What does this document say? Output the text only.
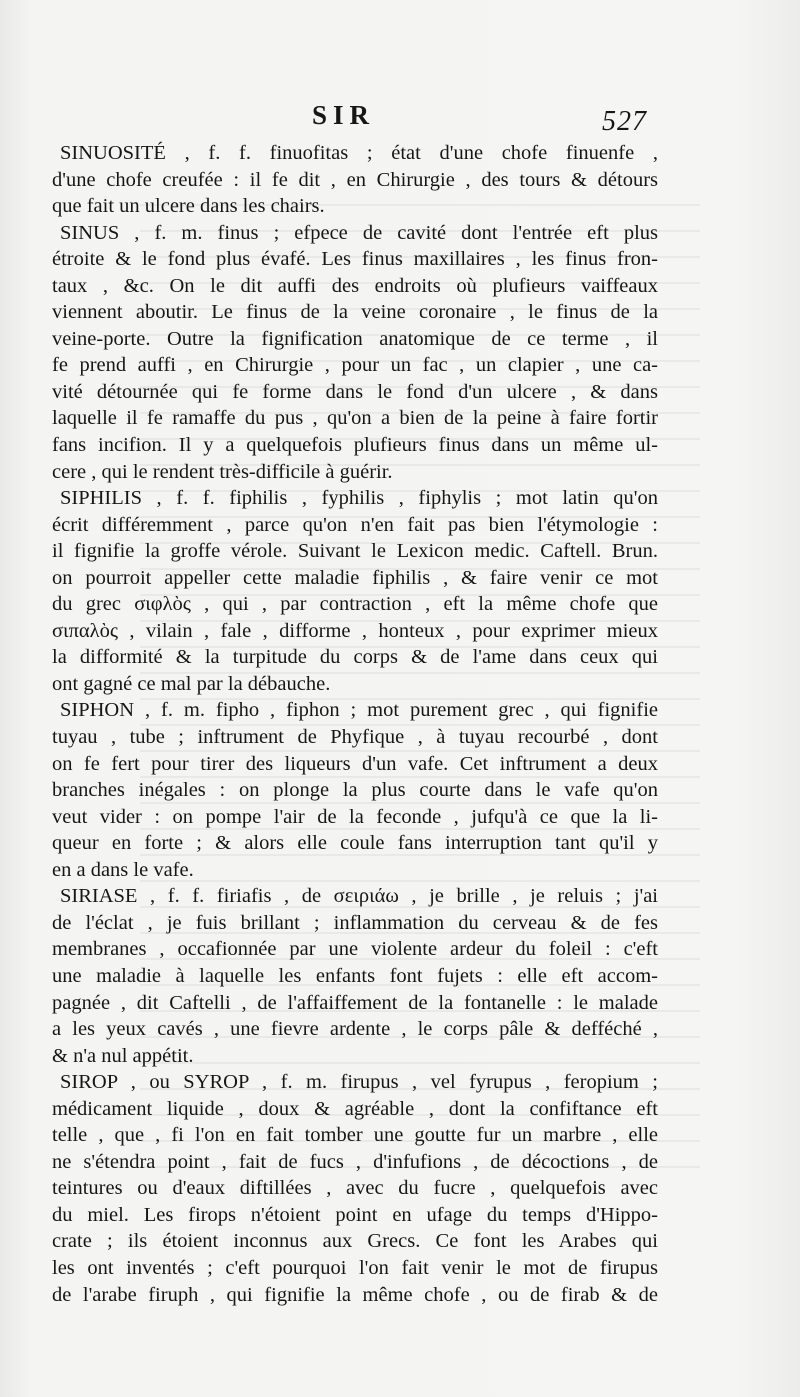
SIR	527
SINUOSITÉ , f. f. finuofitas ; état d'une chofe finuenfe ,
d'une chofe creufée : il fe dit , en Chirurgie , des tours & détours
que fait un ulcere dans les chairs.
SINUS , f. m. finus ; efpece de cavité dont l'entrée eft plus
étroite & le fond plus évafé. Les finus maxillaires , les finus fron-
taux , &c. On le dit auffi des endroits où plufieurs vaiffeaux
viennent aboutir. Le finus de la veine coronaire , le finus de la
veine-porte. Outre la fignification anatomique de ce terme , il
fe prend auffi , en Chirurgie , pour un fac , un clapier , une ca-
vité détournée qui fe forme dans le fond d'un ulcere , & dans
laquelle il fe ramaffe du pus , qu'on a bien de la peine à faire fortir
fans incifion. Il y a quelquefois plufieurs finus dans un même ul-
cere , qui le rendent très-difficile à guérir.
SIPHILIS , f. f. fiphilis , fyphilis , fiphylis ; mot latin qu'on
écrit différemment , parce qu'on n'en fait pas bien l'étymologie :
il fignifie la groffe vérole. Suivant le Lexicon medic. Caftell. Brun.
on pourroit appeller cette maladie fiphilis , & faire venir ce mot
du grec σιφλὸς , qui , par contraction , eft la même chofe que
σιπαλὸς , vilain , fale , difforme , honteux , pour exprimer mieux
la difformité & la turpitude du corps & de l'ame dans ceux qui
ont gagné ce mal par la débauche.
SIPHON , f. m. fipho , fiphon ; mot purement grec , qui fignifie
tuyau , tube ; inftrument de Phyfique , à tuyau recourbé , dont
on fe fert pour tirer des liqueurs d'un vafe. Cet inftrument a deux
branches inégales : on plonge la plus courte dans le vafe qu'on
veut vider : on pompe l'air de la feconde , jufqu'à ce que la li-
queur en forte ; & alors elle coule fans interruption tant qu'il y
en a dans le vafe.
SIRIASE , f. f. firiafis , de σειριάω , je brille , je reluis ; j'ai
de l'éclat , je fuis brillant ; inflammation du cerveau & de fes
membranes , occafionnée par une violente ardeur du foleil : c'eft
une maladie à laquelle les enfants font fujets : elle eft accom-
pagnée , dit Caftelli , de l'affaiffement de la fontanelle : le malade
a les yeux cavés , une fievre ardente , le corps pâle & defféché ,
& n'a nul appétit.
SIROP , ou SYROP , f. m. firupus , vel fyrupus , feropium ;
médicament liquide , doux & agréable , dont la confiftance eft
telle , que , fi l'on en fait tomber une goutte fur un marbre , elle
ne s'étendra point , fait de fucs , d'infufions , de décoctions , de
teintures ou d'eaux diftillées , avec du fucre , quelquefois avec
du miel. Les firops n'étoient point en ufage du temps d'Hippo-
crate ; ils étoient inconnus aux Grecs. Ce font les Arabes qui
les ont inventés ; c'eft pourquoi l'on fait venir le mot de firupus
de l'arabe firuph , qui fignifie la même chofe , ou de firab & de
